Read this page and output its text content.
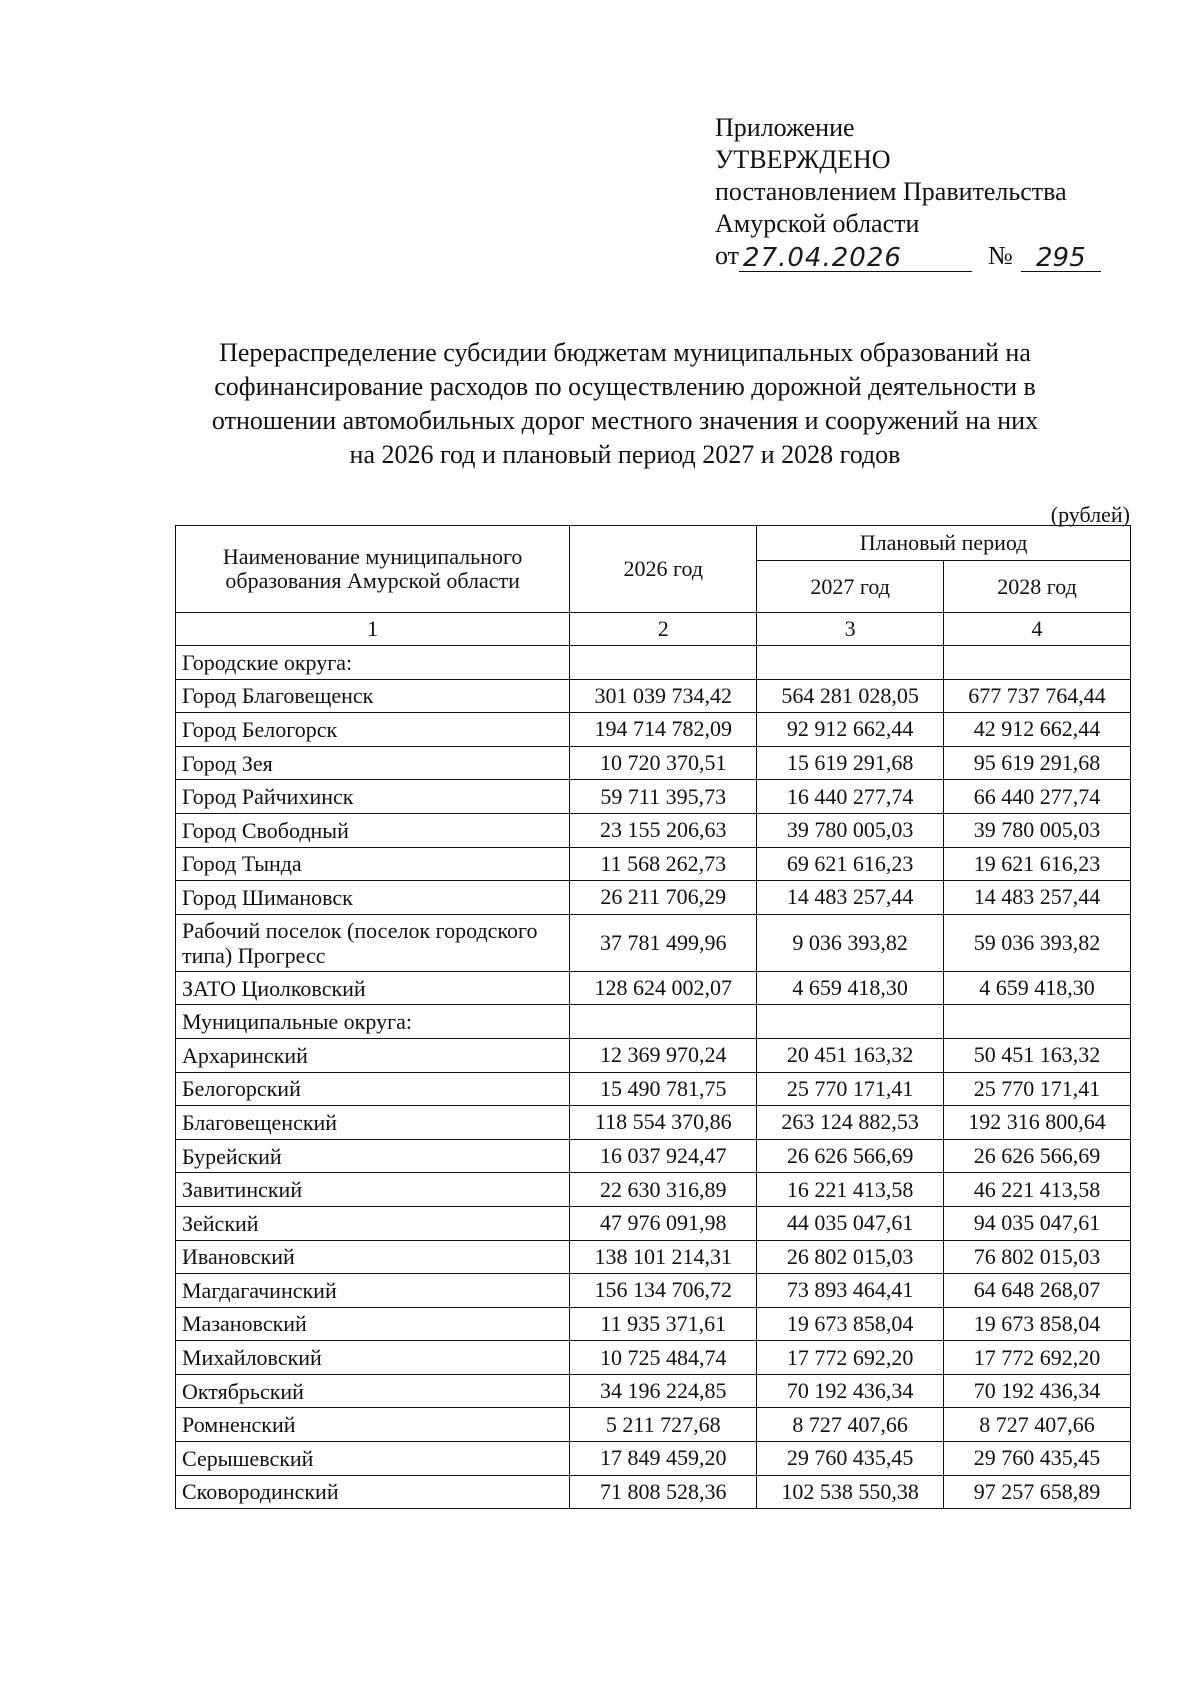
Приложение
УТВЕРЖДЕНО
постановлением Правительства
Амурской области
от 27.04.2026	№ 295
Перераспределение субсидии бюджетам муниципальных образований на
софинансирование расходов по осуществлению дорожной деятельности в
отношении автомобильных дорог местного значения и сооружений на них
на 2026 год и плановый период 2027 и 2028 годов
(рублей)
Наименование муниципального образования Амурской области	2026 год	Плановый период	
		2027 год	2028 год
1	2	3	4
Городские округа:			
Город Благовещенск	301 039 734,42	564 281 028,05	677 737 764,44
Город Белогорск	194 714 782,09	92 912 662,44	42 912 662,44
Город Зея	10 720 370,51	15 619 291,68	95 619 291,68
Город Райчихинск	59 711 395,73	16 440 277,74	66 440 277,74
Город Свободный	23 155 206,63	39 780 005,03	39 780 005,03
Город Тында	11 568 262,73	69 621 616,23	19 621 616,23
Город Шимановск	26 211 706,29	14 483 257,44	14 483 257,44
Рабочий поселок (поселок городского типа) Прогресс	37 781 499,96	9 036 393,82	59 036 393,82
ЗАТО Циолковский	128 624 002,07	4 659 418,30	4 659 418,30
Муниципальные округа:			
Архаринский	12 369 970,24	20 451 163,32	50 451 163,32
Белогорский	15 490 781,75	25 770 171,41	25 770 171,41
Благовещенский	118 554 370,86	263 124 882,53	192 316 800,64
Бурейский	16 037 924,47	26 626 566,69	26 626 566,69
Завитинский	22 630 316,89	16 221 413,58	46 221 413,58
Зейский	47 976 091,98	44 035 047,61	94 035 047,61
Ивановский	138 101 214,31	26 802 015,03	76 802 015,03
Магдагачинский	156 134 706,72	73 893 464,41	64 648 268,07
Мазановский	11 935 371,61	19 673 858,04	19 673 858,04
Михайловский	10 725 484,74	17 772 692,20	17 772 692,20
Октябрьский	34 196 224,85	70 192 436,34	70 192 436,34
Ромненский	5 211 727,68	8 727 407,66	8 727 407,66
Серышевский	17 849 459,20	29 760 435,45	29 760 435,45
Сковородинский	71 808 528,36	102 538 550,38	97 257 658,89
